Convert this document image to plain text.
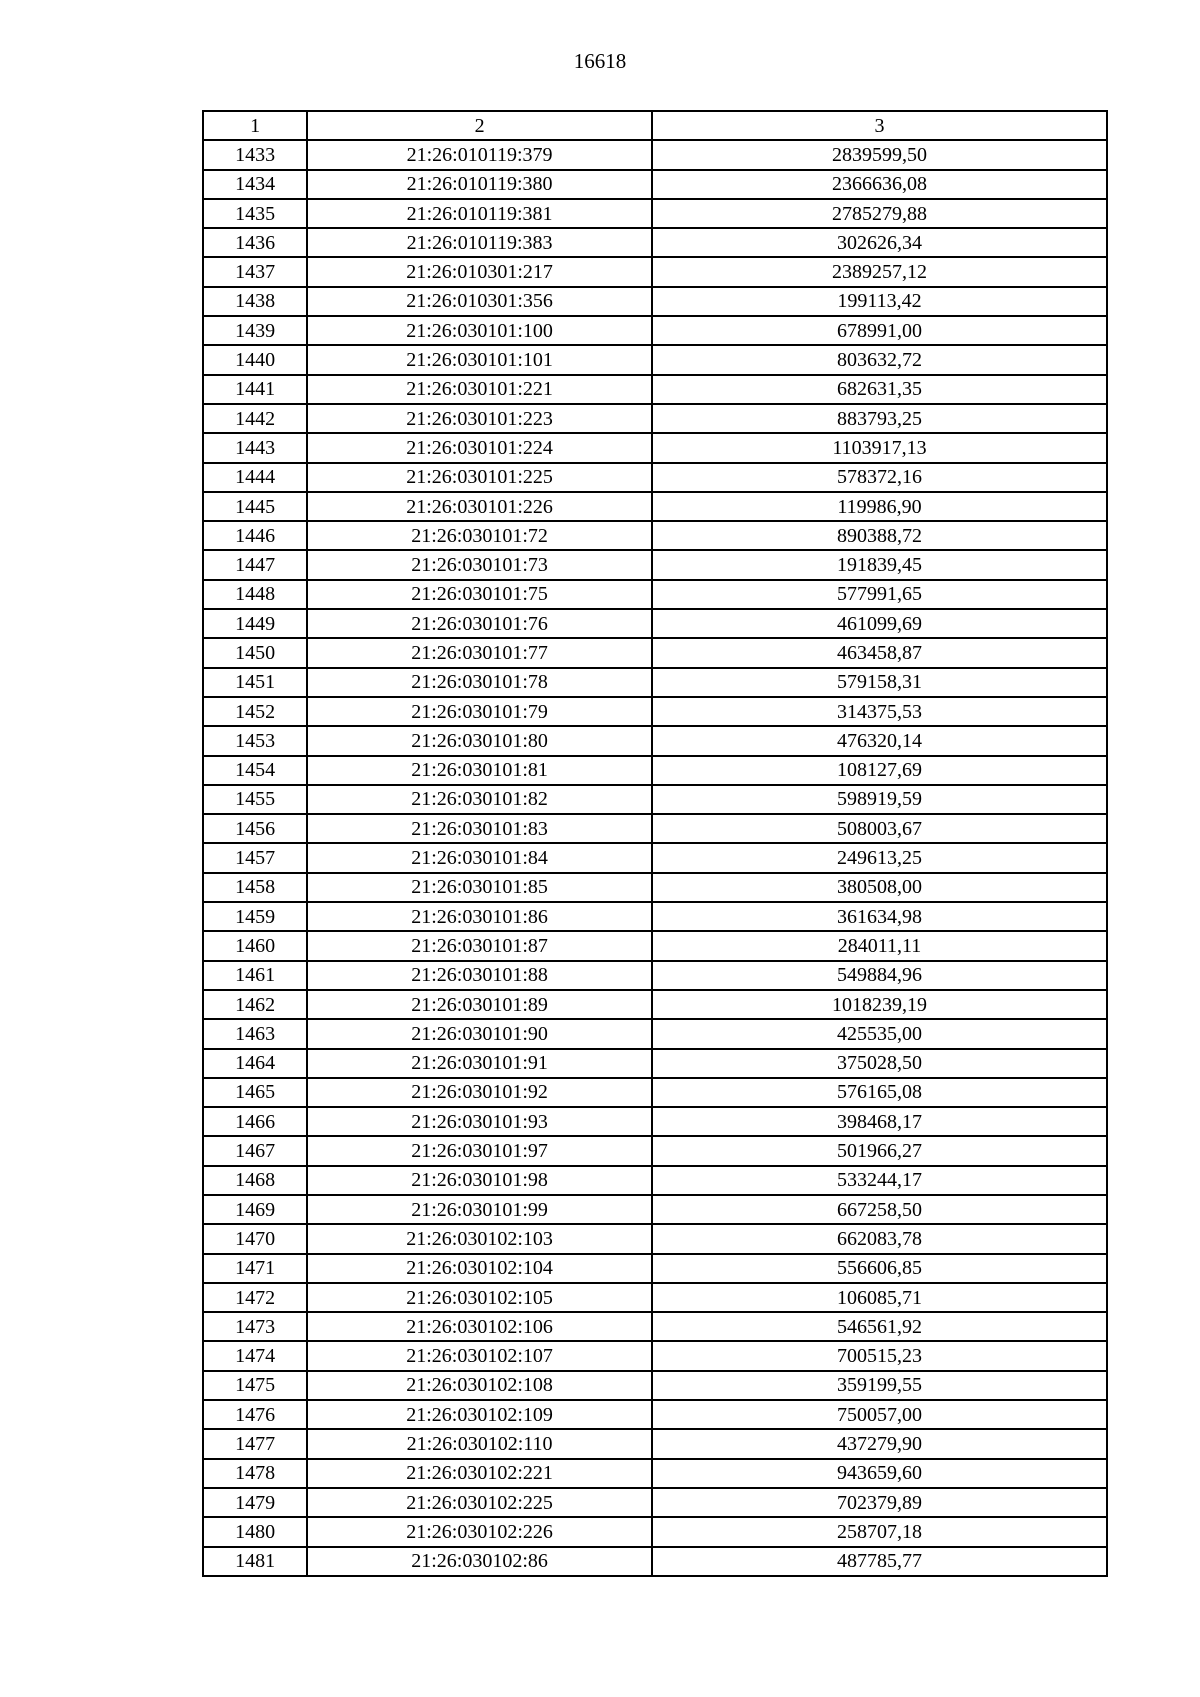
16618
1	2	3
1433	21:26:010119:379	2839599,50
1434	21:26:010119:380	2366636,08
1435	21:26:010119:381	2785279,88
1436	21:26:010119:383	302626,34
1437	21:26:010301:217	2389257,12
1438	21:26:010301:356	199113,42
1439	21:26:030101:100	678991,00
1440	21:26:030101:101	803632,72
1441	21:26:030101:221	682631,35
1442	21:26:030101:223	883793,25
1443	21:26:030101:224	1103917,13
1444	21:26:030101:225	578372,16
1445	21:26:030101:226	119986,90
1446	21:26:030101:72	890388,72
1447	21:26:030101:73	191839,45
1448	21:26:030101:75	577991,65
1449	21:26:030101:76	461099,69
1450	21:26:030101:77	463458,87
1451	21:26:030101:78	579158,31
1452	21:26:030101:79	314375,53
1453	21:26:030101:80	476320,14
1454	21:26:030101:81	108127,69
1455	21:26:030101:82	598919,59
1456	21:26:030101:83	508003,67
1457	21:26:030101:84	249613,25
1458	21:26:030101:85	380508,00
1459	21:26:030101:86	361634,98
1460	21:26:030101:87	284011,11
1461	21:26:030101:88	549884,96
1462	21:26:030101:89	1018239,19
1463	21:26:030101:90	425535,00
1464	21:26:030101:91	375028,50
1465	21:26:030101:92	576165,08
1466	21:26:030101:93	398468,17
1467	21:26:030101:97	501966,27
1468	21:26:030101:98	533244,17
1469	21:26:030101:99	667258,50
1470	21:26:030102:103	662083,78
1471	21:26:030102:104	556606,85
1472	21:26:030102:105	106085,71
1473	21:26:030102:106	546561,92
1474	21:26:030102:107	700515,23
1475	21:26:030102:108	359199,55
1476	21:26:030102:109	750057,00
1477	21:26:030102:110	437279,90
1478	21:26:030102:221	943659,60
1479	21:26:030102:225	702379,89
1480	21:26:030102:226	258707,18
1481	21:26:030102:86	487785,77
